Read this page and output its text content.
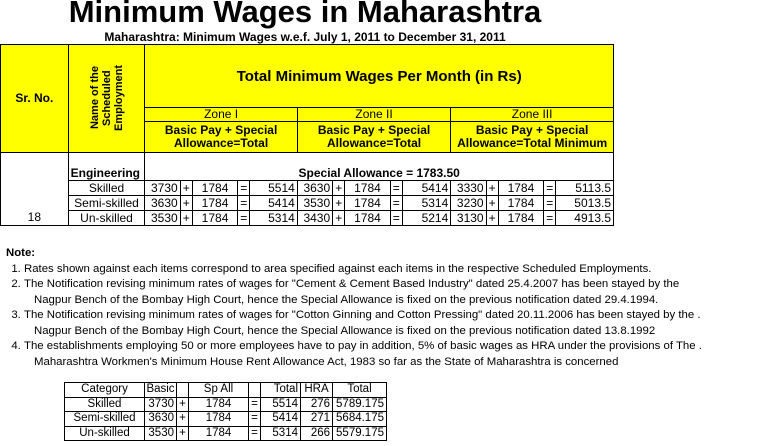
Minimum Wages in Maharashtra
Maharashtra: Minimum Wages w.e.f. July 1, 2011 to December 31, 2011
Sr. No.	Name of the
Scheduled
Employment	Total Minimum Wages Per Month (in Rs)														
		Zone I					Zone II					Zone III				
		Basic Pay + Special Allowance=Total					Basic Pay + Special Allowance=Total					Basic Pay + Special Allowance=Total Minimum				

	Engineering	Special Allowance = 1783.50														
	Skilled	3730	+	1784	=	5514	3630	+	1784	=	5414	3330	+	1784	=	5113.5
	Semi-skilled	3630	+	1784	=	5414	3530	+	1784	=	5314	3230	+	1784	=	5013.5
18	Un-skilled	3530	+	1784	=	5314	3430	+	1784	=	5214	3130	+	1784	=	4913.5
Note:
1. Rates shown against each items correspond to area specified against each items in the respective Scheduled Employments.
2. The Notification revising minimum rates of wages for "Cement & Cement Based Industry" dated 25.4.2007 has been stayed by the
Nagpur Bench of the Bombay High Court, hence the Special Allowance is fixed on the previous notification dated 29.4.1994.
3. The Notification revising minimum rates of wages for "Cotton Ginning and Cotton Pressing" dated 20.11.2006 has been stayed by the .
Nagpur Bench of the Bombay High Court, hence the Special Allowance is fixed on the previous notification dated 13.8.1992
4. The establishments employing 50 or more employees have to pay in addition, 5% of basic wages as HRA under the provisions of The .
Maharashtra Workmen's Minimum House Rent Allowance Act, 1983 so far as the State of Maharashtra is concerned
Category	Basic		Sp All		Total	HRA	Total
Skilled	3730	+	1784	=	5514	276	5789.175
Semi-skilled	3630	+	1784	=	5414	271	5684.175
Un-skilled	3530	+	1784	=	5314	266	5579.175
